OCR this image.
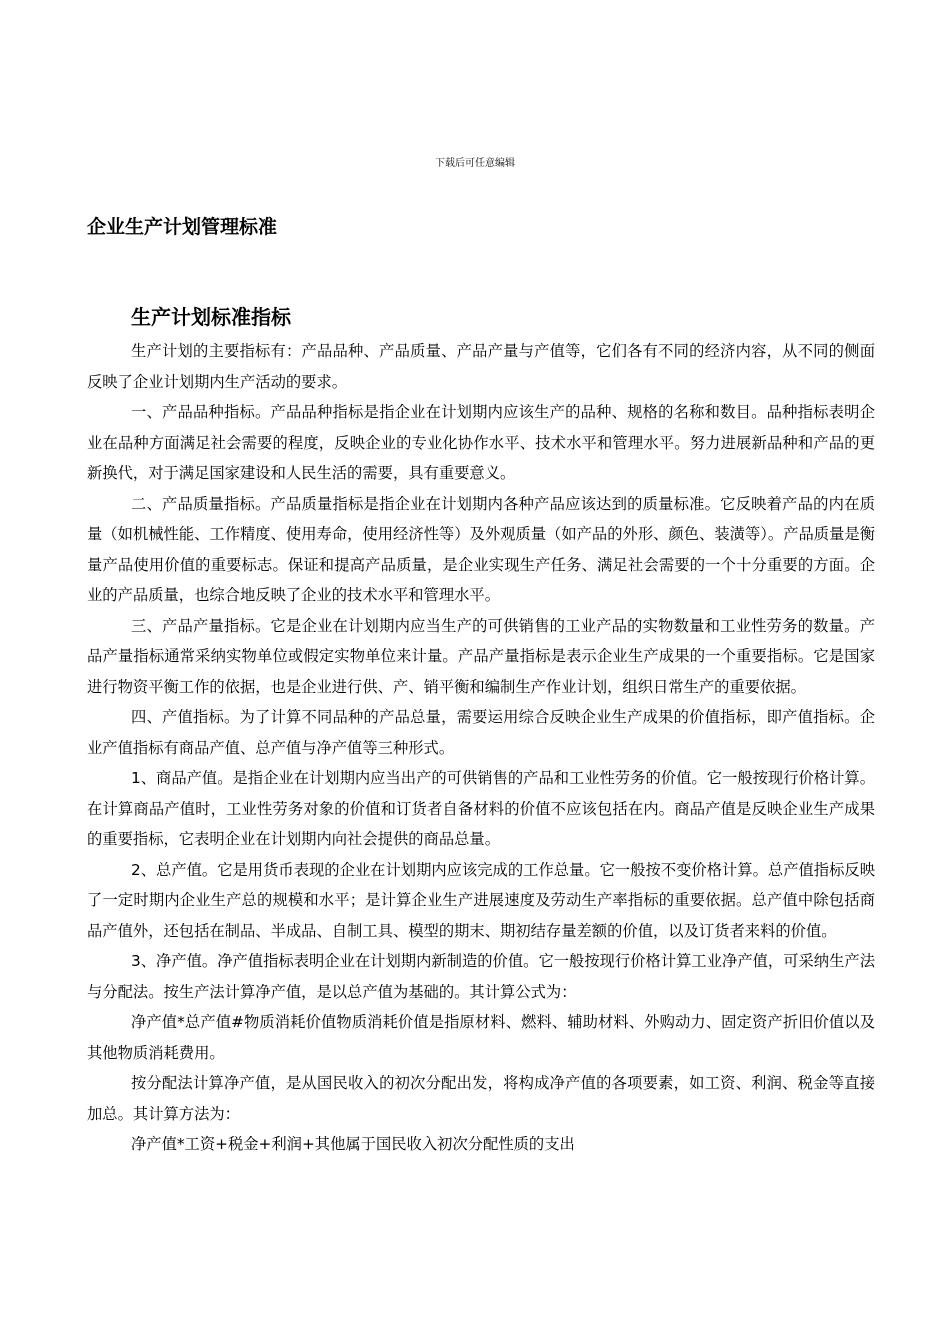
下载后可任意编辑
企业生产计划管理标准
生产计划标准指标

生产计划的主要指标有：产品品种、产品质量、产品产量与产值等，它们各有不同的经济内容，从不同的侧面反映了企业计划期内生产活动的要求。

一、产品品种指标。产品品种指标是指企业在计划期内应该生产的品种、规格的名称和数目。品种指标表明企业在品种方面满足社会需要的程度，反映企业的专业化协作水平、技术水平和管理水平。努力进展新品种和产品的更新换代，对于满足国家建设和人民生活的需要，具有重要意义。

二、产品质量指标。产品质量指标是指企业在计划期内各种产品应该达到的质量标准。它反映着产品的内在质量（如机械性能、工作精度、使用寿命，使用经济性等）及外观质量（如产品的外形、颜色、装潢等）。产品质量是衡量产品使用价值的重要标志。保证和提高产品质量，是企业实现生产任务、满足社会需要的一个十分重要的方面。企业的产品质量，也综合地反映了企业的技术水平和管理水平。

三、产品产量指标。它是企业在计划期内应当生产的可供销售的工业产品的实物数量和工业性劳务的数量。产品产量指标通常采纳实物单位或假定实物单位来计量。产品产量指标是表示企业生产成果的一个重要指标。它是国家进行物资平衡工作的依据，也是企业进行供、产、销平衡和编制生产作业计划，组织日常生产的重要依据。

四、产值指标。为了计算不同品种的产品总量，需要运用综合反映企业生产成果的价值指标，即产值指标。企业产值指标有商品产值、总产值与净产值等三种形式。

1、商品产值。是指企业在计划期内应当出产的可供销售的产品和工业性劳务的价值。它一般按现行价格计算。在计算商品产值时，工业性劳务对象的价值和订货者自备材料的价值不应该包括在内。商品产值是反映企业生产成果的重要指标，它表明企业在计划期内向社会提供的商品总量。

2、总产值。它是用货币表现的企业在计划期内应该完成的工作总量。它一般按不变价格计算。总产值指标反映了一定时期内企业生产总的规模和水平；是计算企业生产进展速度及劳动生产率指标的重要依据。总产值中除包括商品产值外，还包括在制品、半成品、自制工具、模型的期末、期初结存量差额的价值，以及订货者来料的价值。

3、净产值。净产值指标表明企业在计划期内新制造的价值。它一般按现行价格计算工业净产值，可采纳生产法与分配法。按生产法计算净产值，是以总产值为基础的。其计算公式为：

净产值*总产值#物质消耗价值物质消耗价值是指原材料、燃料、辅助材料、外购动力、固定资产折旧价值以及其他物质消耗费用。

按分配法计算净产值，是从国民收入的初次分配出发，将构成净产值的各项要素，如工资、利润、税金等直接加总。其计算方法为：

净产值*工资+税金+利润+其他属于国民收入初次分配性质的支出
